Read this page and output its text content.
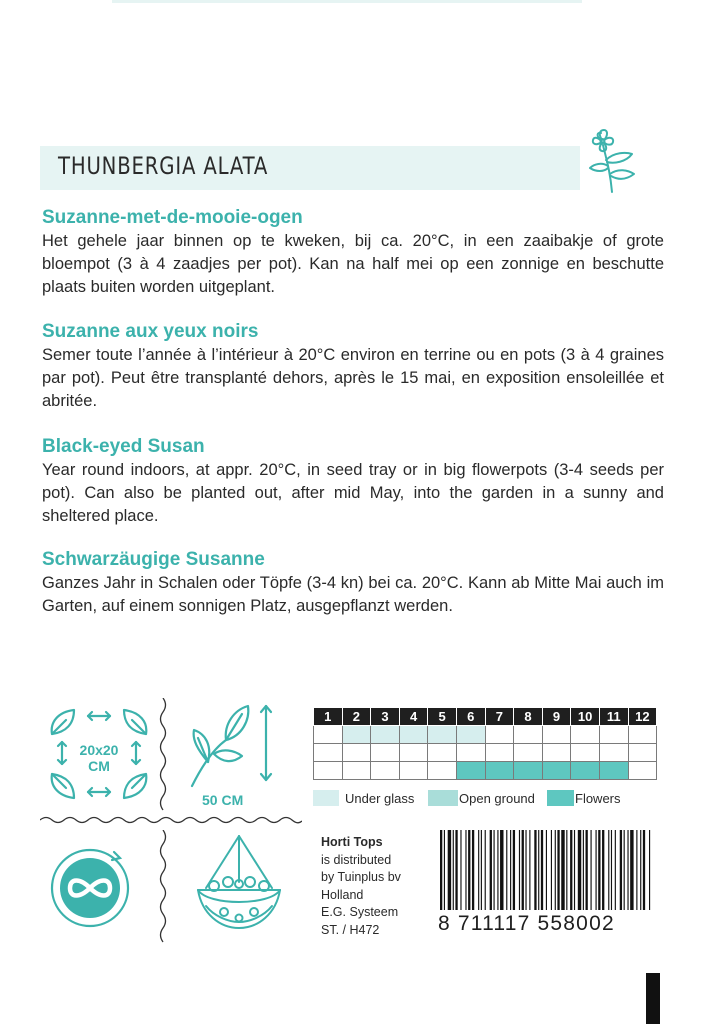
THUNBERGIA ALATA
Suzanne-met-de-mooie-ogen

Het gehele jaar binnen op te kweken, bij ca. 20°C, in een zaaibakje of grote bloempot (3 à 4 zaadjes per pot). Kan na half mei op een zonnige en beschutte plaats buiten worden uitgeplant.

Suzanne aux yeux noirs

Semer toute l’année à l’intérieur à 20°C environ en terrine ou en pots (3 à 4 graines par pot). Peut être transplanté dehors, après le 15 mai, en exposition ensoleillée et abritée.

Black-eyed Susan

Year round indoors, at appr. 20°C, in seed tray or in big flowerpots (3-4 seeds per pot). Can also be planted out, after mid May, into the garden in a sunny and sheltered place.

Schwarzäugige Susanne

Ganzes Jahr in Schalen oder Töpfe (3-4 kn) bei ca. 20°C. Kann ab Mitte Mai auch im Garten, auf einem sonnigen Platz, ausgepflanzt werden.

20x20
CM
50 CM
1	2	3	4	5	6	7	8	9	10	11	12

Under glass	Open ground	Flowers
Horti Tops
is distributed
by Tuinplus bv
Holland
E.G. Systeem
ST. / H472	8 711117 558002
